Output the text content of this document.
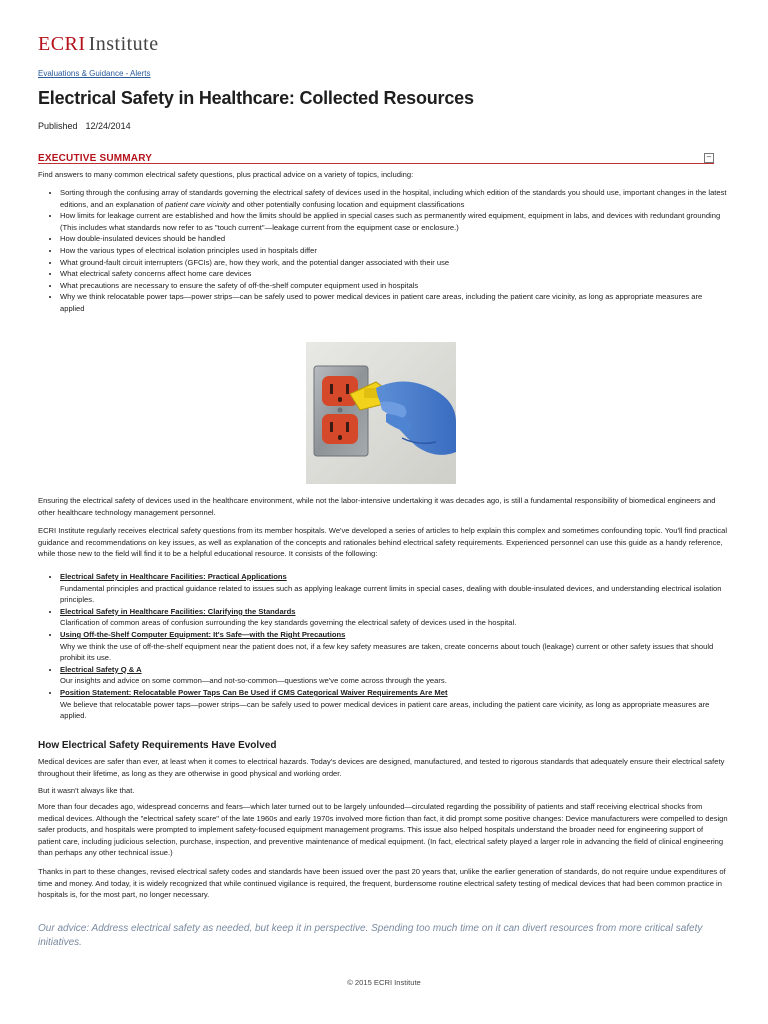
ECRI Institute
Evaluations & Guidance - Alerts
Electrical Safety in Healthcare: Collected Resources
Published 12/24/2014
EXECUTIVE SUMMARY	–
Find answers to many common electrical safety questions, plus practical advice on a variety of topics, including:
• Sorting through the confusing array of standards governing the electrical safety of devices used in the hospital, including which edition of the standards you should use, important changes in the latest editions, and an explanation of patient care vicinity and other potentially confusing location and equipment classifications
• How limits for leakage current are established and how the limits should be applied in special cases such as permanently wired equipment, equipment in labs, and devices with redundant grounding (This includes what standards now refer to as "touch current"—leakage current from the equipment case or enclosure.)
• How double-insulated devices should be handled
• How the various types of electrical isolation principles used in hospitals differ
• What ground-fault circuit interrupters (GFCIs) are, how they work, and the potential danger associated with their use
• What electrical safety concerns affect home care devices
• What precautions are necessary to ensure the safety of off-the-shelf computer equipment used in hospitals
• Why we think relocatable power taps—power strips—can be safely used to power medical devices in patient care areas, including the patient care vicinity, as long as appropriate measures are applied
Ensuring the electrical safety of devices used in the healthcare environment, while not the labor-intensive undertaking it was decades ago, is still a fundamental responsibility of biomedical engineers and other healthcare technology management personnel.
ECRI Institute regularly receives electrical safety questions from its member hospitals. We've developed a series of articles to help explain this complex and sometimes confounding topic. You'll find practical guidance and recommendations on key issues, as well as explanation of the concepts and rationales behind electrical safety requirements. Experienced personnel can use this guide as a handy reference, while those new to the field will find it to be a helpful educational resource. It consists of the following:
• Electrical Safety in Healthcare Facilities: Practical Applications
Fundamental principles and practical guidance related to issues such as applying leakage current limits in special cases, dealing with double-insulated devices, and understanding electrical isolation principles.
• Electrical Safety in Healthcare Facilities: Clarifying the Standards
Clarification of common areas of confusion surrounding the key standards governing the electrical safety of devices used in the hospital.
• Using Off-the-Shelf Computer Equipment: It's Safe—with the Right Precautions
Why we think the use of off-the-shelf equipment near the patient does not, if a few key safety measures are taken, create concerns about touch (leakage) current or other safety issues that should prohibit its use.
• Electrical Safety Q & A
Our insights and advice on some common—and not-so-common—questions we've come across through the years.
• Position Statement: Relocatable Power Taps Can Be Used if CMS Categorical Waiver Requirements Are Met
We believe that relocatable power taps—power strips—can be safely used to power medical devices in patient care areas, including the patient care vicinity, as long as appropriate measures are applied.
How Electrical Safety Requirements Have Evolved
Medical devices are safer than ever, at least when it comes to electrical hazards. Today's devices are designed, manufactured, and tested to rigorous standards that adequately ensure their electrical safety throughout their lifetime, as long as they are otherwise in good physical and working order.
But it wasn't always like that.
More than four decades ago, widespread concerns and fears—which later turned out to be largely unfounded—circulated regarding the possibility of patients and staff receiving electrical shocks from medical devices. Although the "electrical safety scare" of the late 1960s and early 1970s involved more fiction than fact, it did prompt some positive changes: Device manufacturers were compelled to design safer products, and hospitals were prompted to implement safety-focused equipment management programs. This issue also helped hospitals understand the broader need for engineering support of patient care, including judicious selection, purchase, inspection, and preventive maintenance of medical equipment. (In fact, electrical safety played a larger role in advancing the field of clinical engineering than perhaps any other technical issue.)
Thanks in part to these changes, revised electrical safety codes and standards have been issued over the past 20 years that, unlike the earlier generation of standards, do not require undue expenditures of time and money. And today, it is widely recognized that while continued vigilance is required, the frequent, burdensome routine electrical safety testing of medical devices that had been common practice in hospitals is, for the most part, no longer necessary.
Our advice: Address electrical safety as needed, but keep it in perspective. Spending too much time on it can divert resources from more critical safety initiatives.
© 2015 ECRI Institute
